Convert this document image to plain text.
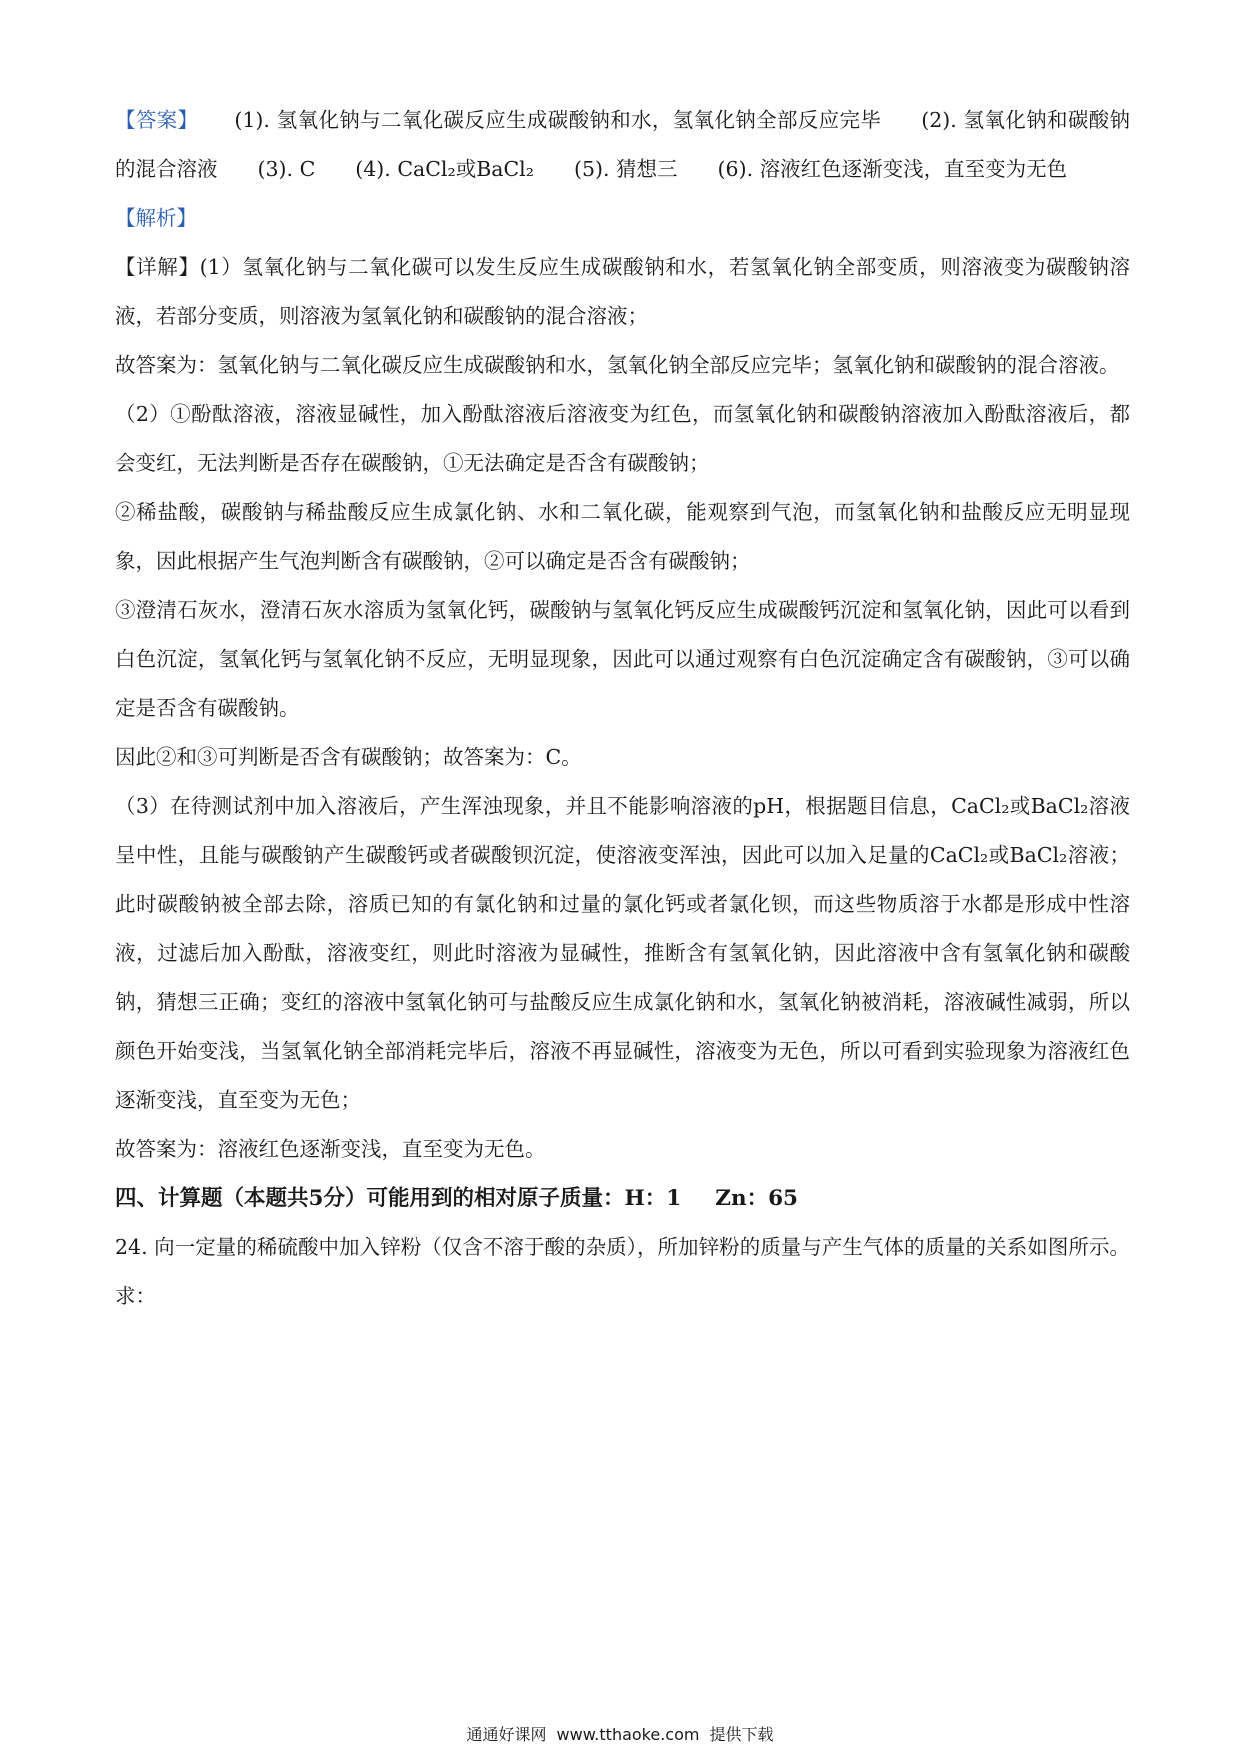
【答案】 (1). 氢氧化钠与二氧化碳反应生成碳酸钠和水，氢氧化钠全部反应完毕 (2). 氢氧化钠和碳酸钠的混合溶液 (3). C (4). CaCl₂或BaCl₂ (5). 猜想三 (6). 溶液红色逐渐变浅，直至变为无色

【解析】

【详解】(1）氢氧化钠与二氧化碳可以发生反应生成碳酸钠和水，若氢氧化钠全部变质，则溶液变为碳酸钠溶液，若部分变质，则溶液为氢氧化钠和碳酸钠的混合溶液；

故答案为：氢氧化钠与二氧化碳反应生成碳酸钠和水，氢氧化钠全部反应完毕；氢氧化钠和碳酸钠的混合溶液。

（2）①酚酞溶液，溶液显碱性，加入酚酞溶液后溶液变为红色，而氢氧化钠和碳酸钠溶液加入酚酞溶液后，都会变红，无法判断是否存在碳酸钠，①无法确定是否含有碳酸钠；

②稀盐酸，碳酸钠与稀盐酸反应生成氯化钠、水和二氧化碳，能观察到气泡，而氢氧化钠和盐酸反应无明显现象，因此根据产生气泡判断含有碳酸钠，②可以确定是否含有碳酸钠；

③澄清石灰水，澄清石灰水溶质为氢氧化钙，碳酸钠与氢氧化钙反应生成碳酸钙沉淀和氢氧化钠，因此可以看到白色沉淀，氢氧化钙与氢氧化钠不反应，无明显现象，因此可以通过观察有白色沉淀确定含有碳酸钠，③可以确定是否含有碳酸钠。

因此②和③可判断是否含有碳酸钠；故答案为：C。

（3）在待测试剂中加入溶液后，产生浑浊现象，并且不能影响溶液的pH，根据题目信息，CaCl₂或BaCl₂溶液呈中性，且能与碳酸钠产生碳酸钙或者碳酸钡沉淀，使溶液变浑浊，因此可以加入足量的CaCl₂或BaCl₂溶液；此时碳酸钠被全部去除，溶质已知的有氯化钠和过量的氯化钙或者氯化钡，而这些物质溶于水都是形成中性溶液，过滤后加入酚酞，溶液变红，则此时溶液为显碱性，推断含有氢氧化钠，因此溶液中含有氢氧化钠和碳酸钠，猜想三正确；变红的溶液中氢氧化钠可与盐酸反应生成氯化钠和水，氢氧化钠被消耗，溶液碱性减弱，所以颜色开始变浅，当氢氧化钠全部消耗完毕后，溶液不再显碱性，溶液变为无色，所以可看到实验现象为溶液红色逐渐变浅，直至变为无色；

故答案为：溶液红色逐渐变浅，直至变为无色。

四、计算题（本题共5分）可能用到的相对原子质量：H：1 Zn：65

24. 向一定量的稀硫酸中加入锌粉（仅含不溶于酸的杂质），所加锌粉的质量与产生气体的质量的关系如图所示。求：

通通好课网 www.tthaoke.com 提供下载
